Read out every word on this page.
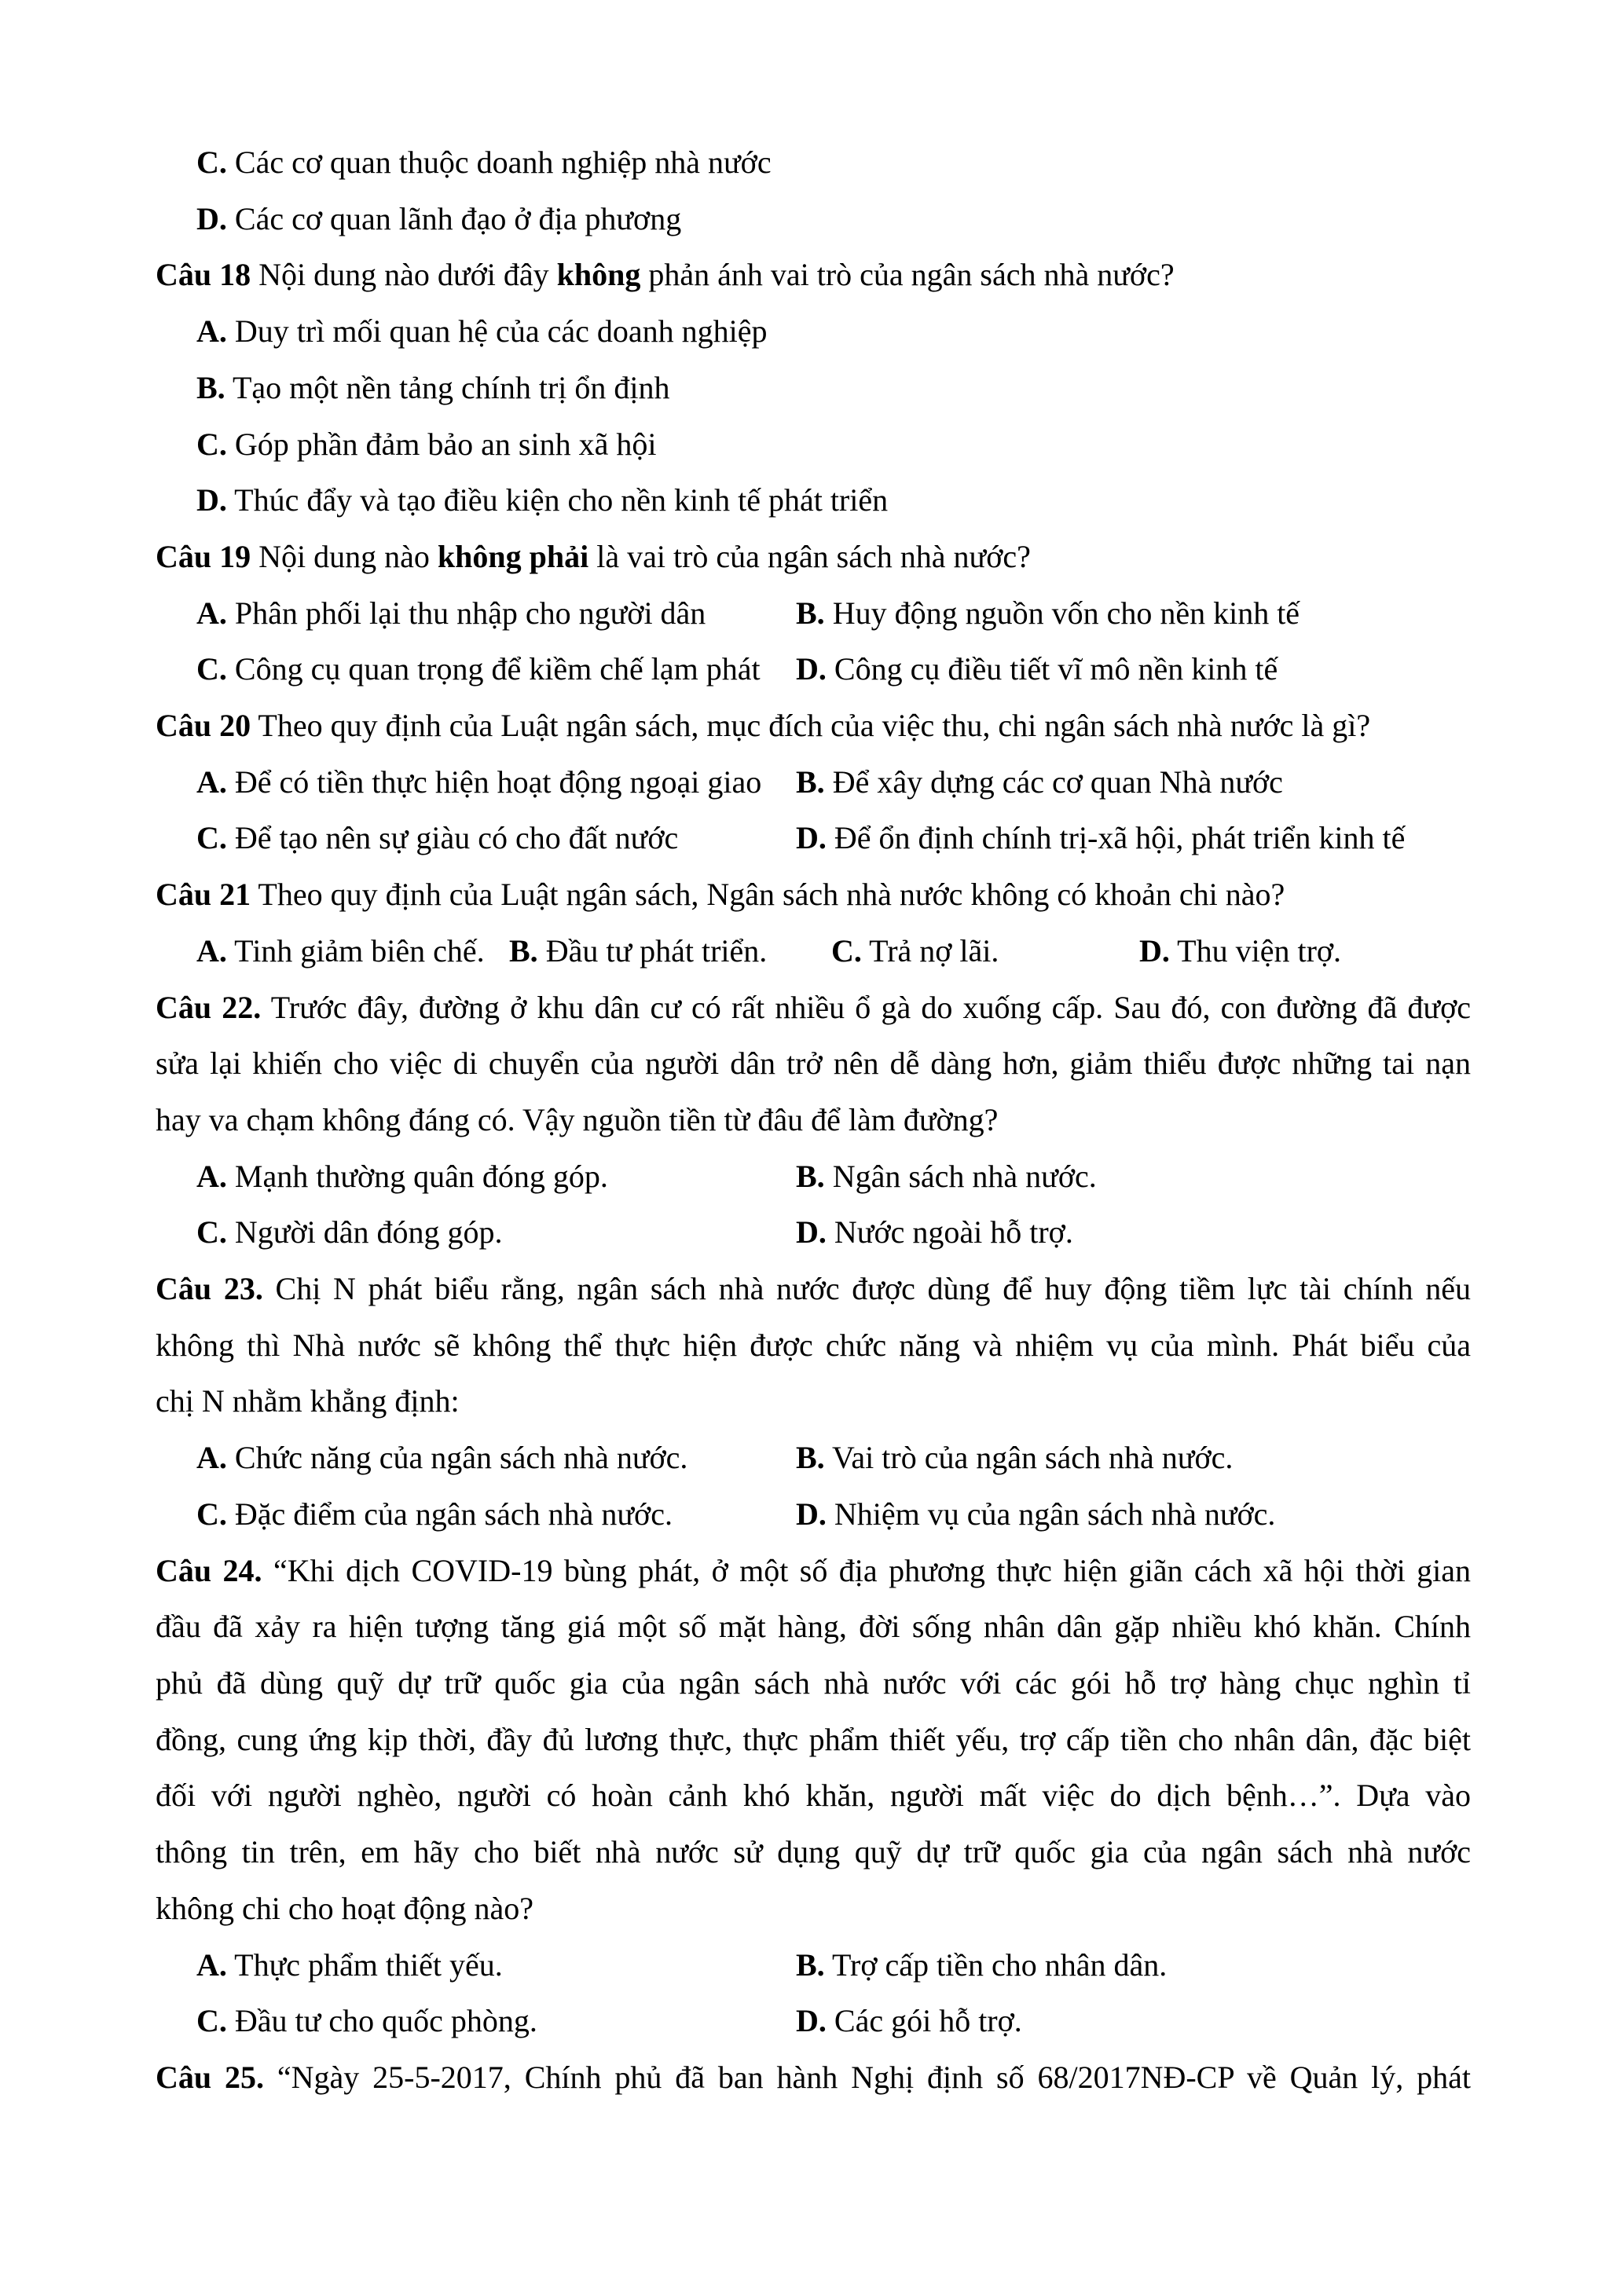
C. Các cơ quan thuộc doanh nghiệp nhà nước
D. Các cơ quan lãnh đạo ở địa phương
Câu 18 Nội dung nào dưới đây không phản ánh vai trò của ngân sách nhà nước?
A. Duy trì mối quan hệ của các doanh nghiệp
B. Tạo một nền tảng chính trị ổn định
C. Góp phần đảm bảo an sinh xã hội
D. Thúc đẩy và tạo điều kiện cho nền kinh tế phát triển
Câu 19 Nội dung nào không phải là vai trò của ngân sách nhà nước?
A. Phân phối lại thu nhập cho người dân	B. Huy động nguồn vốn cho nền kinh tế
C. Công cụ quan trọng để kiềm chế lạm phát D. Công cụ điều tiết vĩ mô nền kinh tế
Câu 20 Theo quy định của Luật ngân sách, mục đích của việc thu, chi ngân sách nhà nước là gì?
A. Để có tiền thực hiện hoạt động ngoại giao B. Để xây dựng các cơ quan Nhà nước
C. Để tạo nên sự giàu có cho đất nước	D. Để ổn định chính trị-xã hội, phát triển kinh tế
Câu 21 Theo quy định của Luật ngân sách, Ngân sách nhà nước không có khoản chi nào?
A. Tinh giảm biên chế. B. Đầu tư phát triển. C. Trả nợ lãi.	D. Thu viện trợ.
Câu 22. Trước đây, đường ở khu dân cư có rất nhiều ổ gà do xuống cấp. Sau đó, con đường đã được
sửa lại khiến cho việc di chuyển của người dân trở nên dễ dàng hơn, giảm thiểu được những tai nạn
hay va chạm không đáng có. Vậy nguồn tiền từ đâu để làm đường?
A. Mạnh thường quân đóng góp.	B. Ngân sách nhà nước.
C. Người dân đóng góp.	D. Nước ngoài hỗ trợ.
Câu 23. Chị N phát biểu rằng, ngân sách nhà nước được dùng để huy động tiềm lực tài chính nếu
không thì Nhà nước sẽ không thể thực hiện được chức năng và nhiệm vụ của mình. Phát biểu của
chị N nhằm khẳng định:
A. Chức năng của ngân sách nhà nước.	B. Vai trò của ngân sách nhà nước.
C. Đặc điểm của ngân sách nhà nước.	D. Nhiệm vụ của ngân sách nhà nước.
Câu 24. “Khi dịch COVID-19 bùng phát, ở một số địa phương thực hiện giãn cách xã hội thời gian
đầu đã xảy ra hiện tượng tăng giá một số mặt hàng, đời sống nhân dân gặp nhiều khó khăn. Chính
phủ đã dùng quỹ dự trữ quốc gia của ngân sách nhà nước với các gói hỗ trợ hàng chục nghìn tỉ
đồng, cung ứng kịp thời, đầy đủ lương thực, thực phẩm thiết yếu, trợ cấp tiền cho nhân dân, đặc biệt
đối với người nghèo, người có hoàn cảnh khó khăn, người mất việc do dịch bệnh…”. Dựa vào
thông tin trên, em hãy cho biết nhà nước sử dụng quỹ dự trữ quốc gia của ngân sách nhà nước
không chi cho hoạt động nào?
A. Thực phẩm thiết yếu.	B. Trợ cấp tiền cho nhân dân.
C. Đầu tư cho quốc phòng.	D. Các gói hỗ trợ.
Câu 25. “Ngày 25-5-2017, Chính phủ đã ban hành Nghị định số 68/2017NĐ-CP về Quản lý, phát
